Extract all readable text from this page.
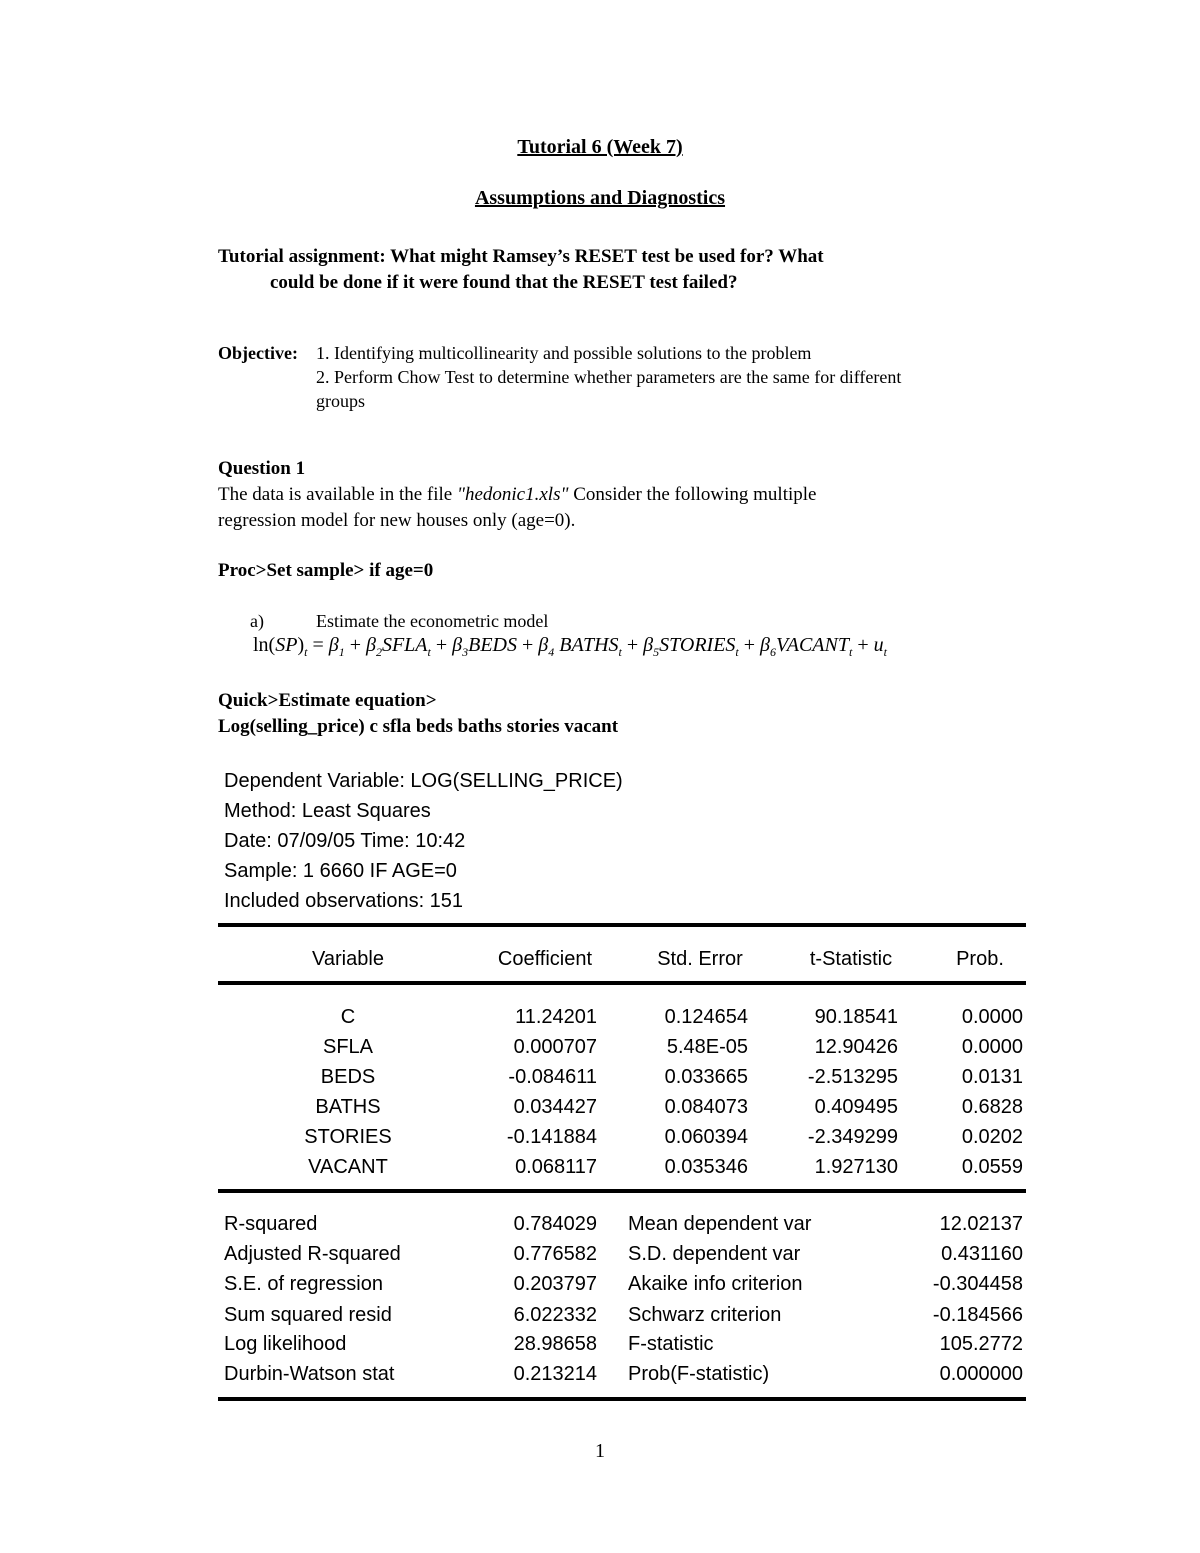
Tutorial 6 (Week 7)
Assumptions and Diagnostics
Tutorial assignment: What might Ramsey’s RESET test be used for? What
could be done if it were found that the RESET test failed?
Objective: 1. Identifying multicollinearity and possible solutions to the problem
2. Perform Chow Test to determine whether parameters are the same for different
groups
Question 1
The data is available in the file "hedonic1.xls" Consider the following multiple
regression model for new houses only (age=0).
Proc>Set sample> if age=0
a)	Estimate the econometric model
$\ln(SP)_t = \beta_1$ + $\beta_2SFLA_t$ + $\beta_3BEDS + \beta_4$ $BATHS_t$ + $\beta_5STORIES_t$ + $\beta_6VACANT_t + u_t$
Quick>Estimate equation>
Log(selling_price) c sfla beds baths stories vacant
Dependent Variable: LOG(SELLING_PRICE)
Method: Least Squares
Date: 07/09/05 Time: 10:42
Sample: 1 6660 IF AGE=0
Included observations: 151
Variable	Coefficient	Std. Error	t-Statistic	Prob.
C	11.24201	0.124654	90.18541	0.0000
SFLA	0.000707	5.48E-05	12.90426	0.0000
BEDS	-0.084611	0.033665	-2.513295	0.0131
BATHS	0.034427	0.084073	0.409495	0.6828
STORIES	-0.141884	0.060394	-2.349299	0.0202
VACANT	0.068117	0.035346	1.927130	0.0559
R-squared	0.784029 Mean dependent var	12.02137
Adjusted R-squared	0.776582 S.D. dependent var	0.431160
S.E. of regression	0.203797 Akaike info criterion	-0.304458
Sum squared resid	6.022332 Schwarz criterion	-0.184566
Log likelihood	28.98658 F-statistic	105.2772
Durbin-Watson stat	0.213214 Prob(F-statistic)	0.000000
1
